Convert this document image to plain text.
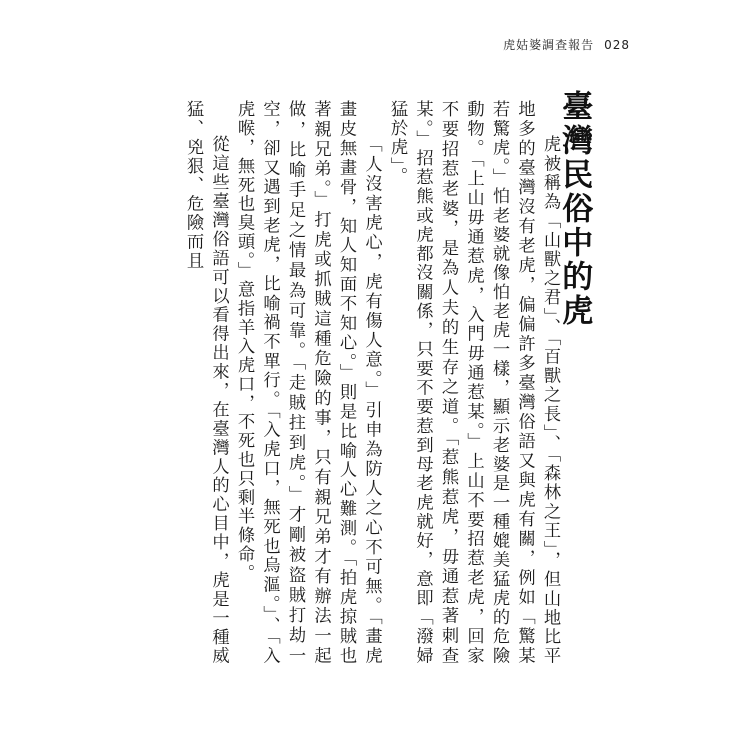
虎姑婆調查報告 028
臺灣民俗中的虎

虎被稱為「山獸之君」、「百獸之長」、「森林之王」，但山地比平地多的臺灣沒有老虎，偏偏許多臺灣俗語又與虎有關，例如「驚某若驚虎。」怕老婆就像怕老虎一樣，顯示老婆是一種媲美猛虎的危險動物。「上山毋通惹虎，入門毋通惹某。」上山不要招惹老虎，回家不要招惹老婆，是為人夫的生存之道。「惹熊惹虎，毋通惹著刺查某。」招惹熊或虎都沒關係，只要不要惹到母老虎就好，意即「潑婦猛於虎」。

「人沒害虎心，虎有傷人意。」引申為防人之心不可無。「畫虎畫皮無畫骨，知人知面不知心。」則是比喻人心難測。「拍虎掠賊也著親兄弟。」打虎或抓賊這種危險的事，只有親兄弟才有辦法一起做，比喻手足之情最為可靠。「走賊拄到虎。」才剛被盜賊打劫一空，卻又遇到老虎，比喻禍不單行。「入虎口，無死也烏漚。」、「入虎喉，無死也臭頭。」意指羊入虎口，不死也只剩半條命。

從這些臺灣俗語可以看得出來，在臺灣人的心目中，虎是一種威猛、兇狠、危險而且
